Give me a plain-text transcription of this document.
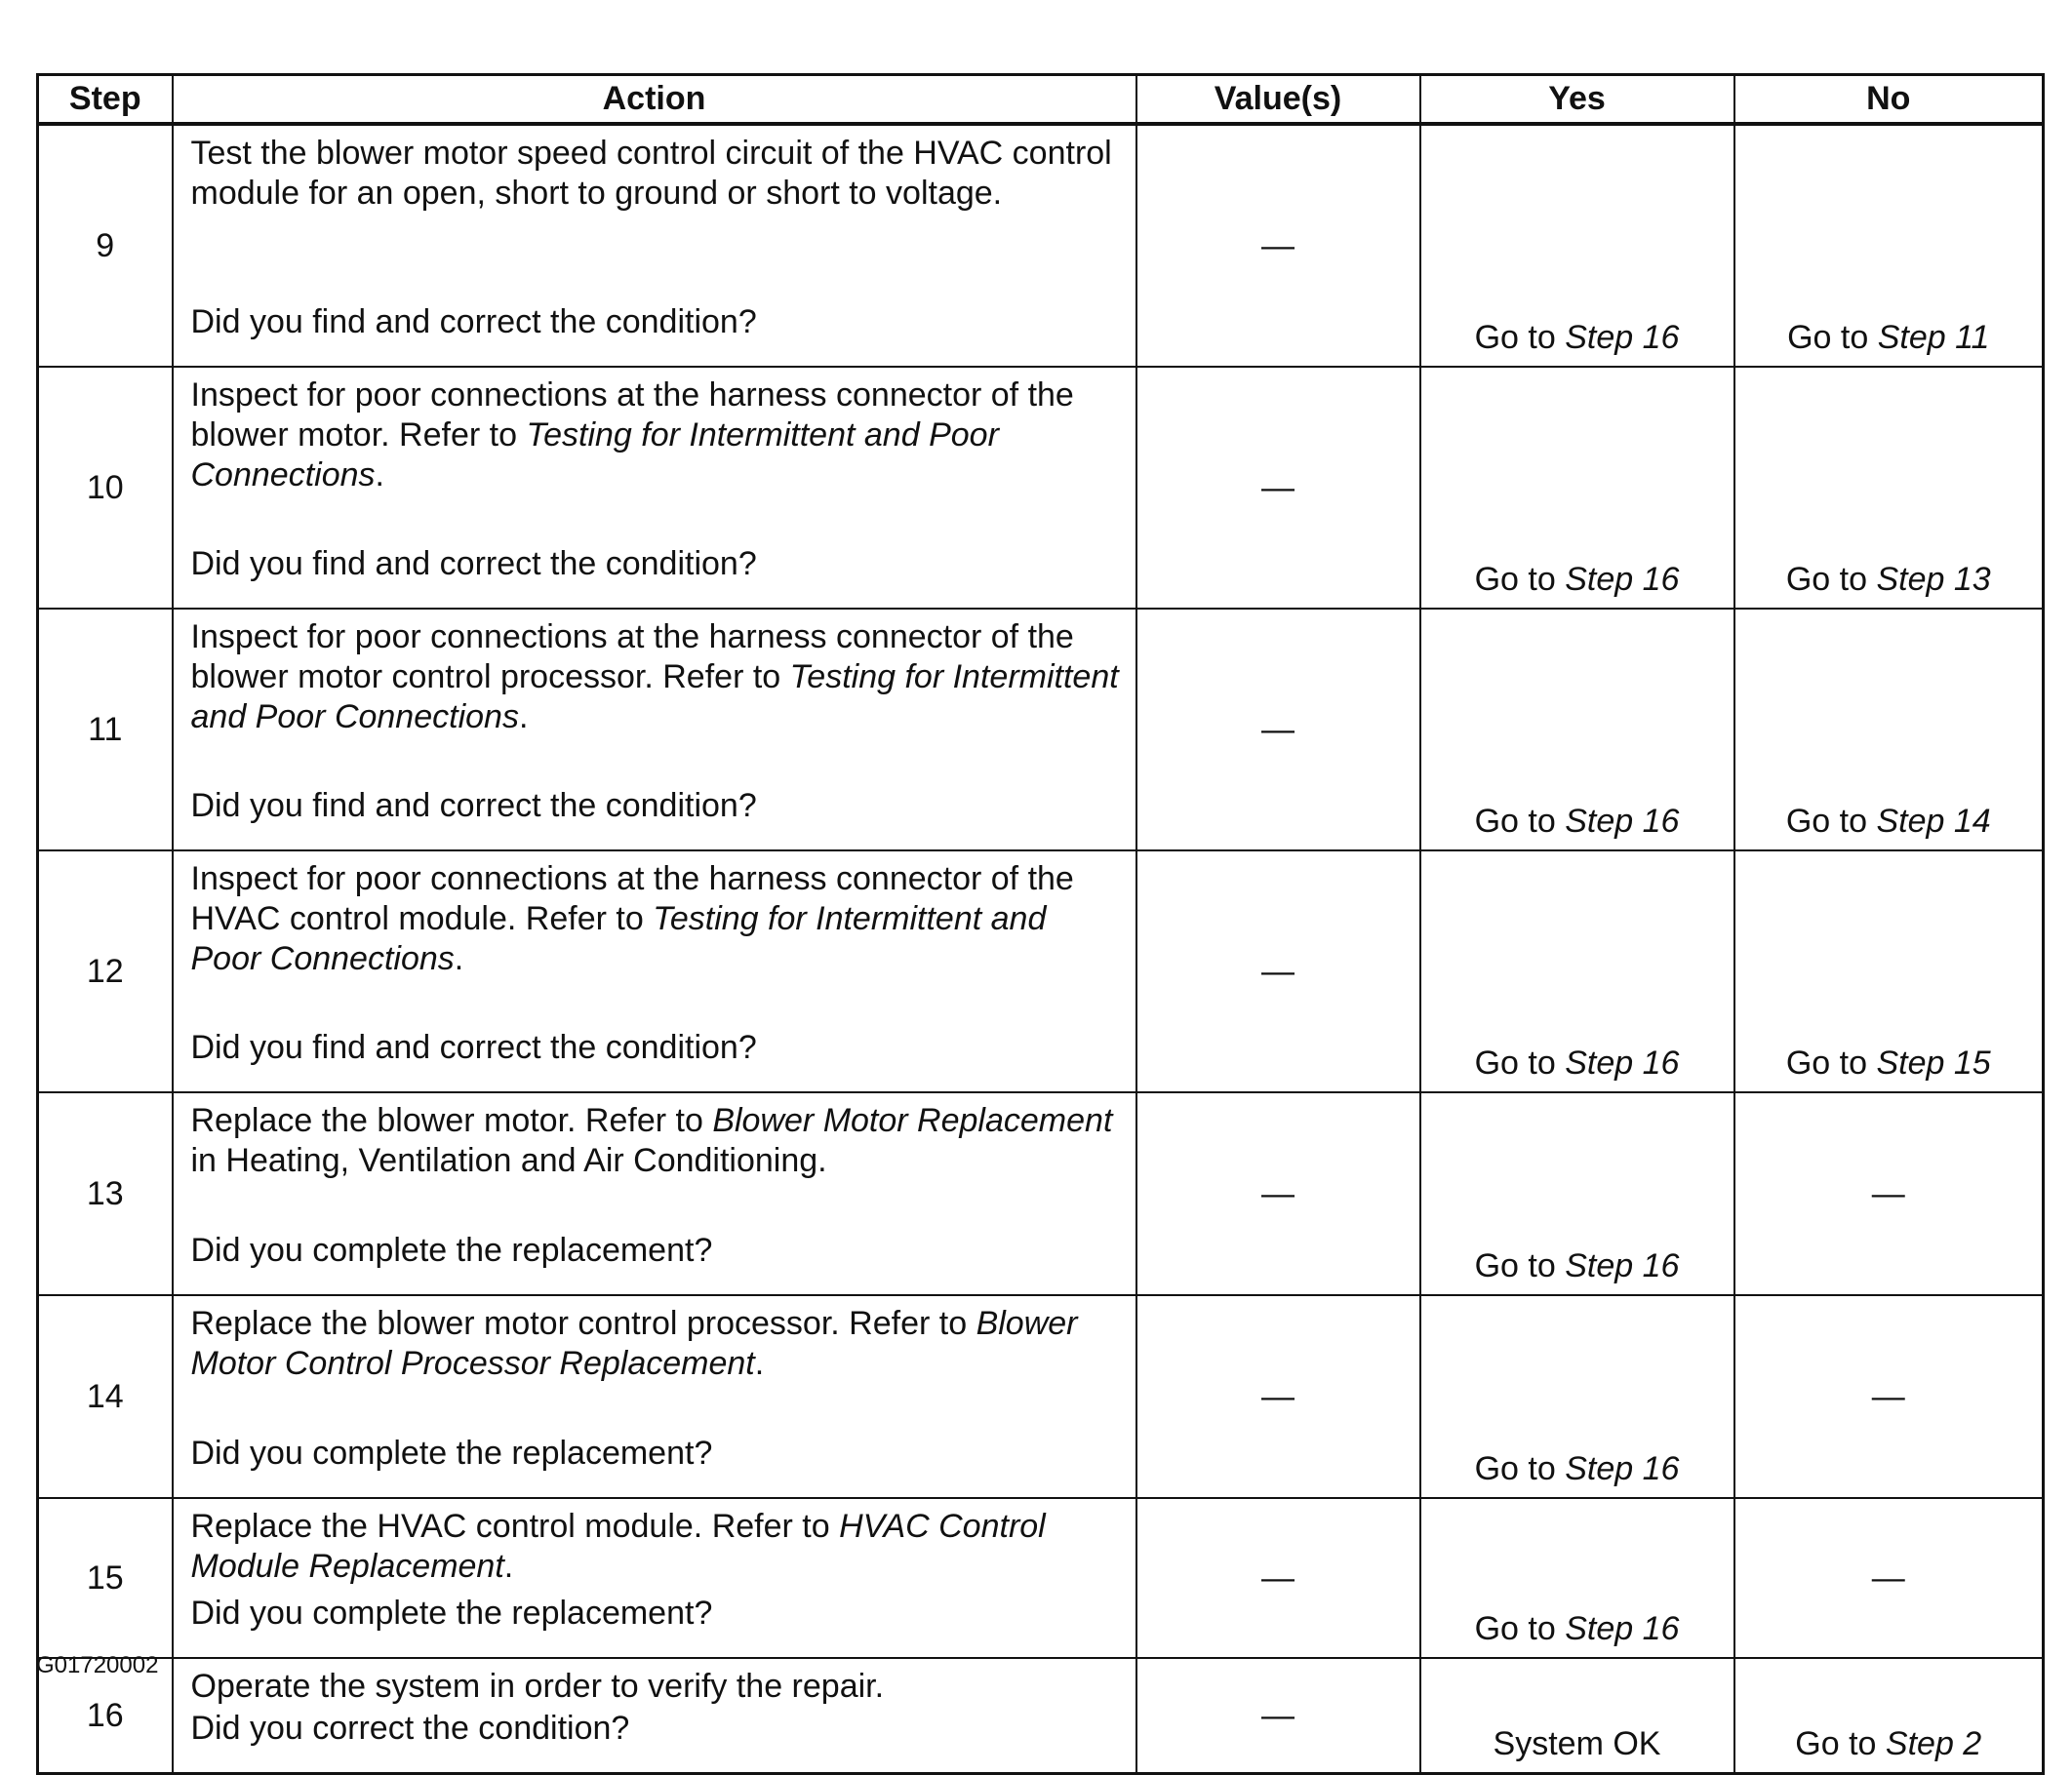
Step	Action	Value(s)	Yes	No
9	Test the blower motor speed control circuit of the HVAC control module for an open, short to ground or short to voltage.
Did you find and correct the condition?	—	Go to Step 16	Go to Step 11
10	Inspect for poor connections at the harness connector of the blower motor. Refer to Testing for Intermittent and Poor Connections.
Did you find and correct the condition?	—	Go to Step 16	Go to Step 13
11	Inspect for poor connections at the harness connector of the blower motor control processor. Refer to Testing for Intermittent and Poor Connections.
Did you find and correct the condition?	—	Go to Step 16	Go to Step 14
12	Inspect for poor connections at the harness connector of the HVAC control module. Refer to Testing for Intermittent and Poor Connections.
Did you find and correct the condition?	—	Go to Step 16	Go to Step 15
13	Replace the blower motor. Refer to Blower Motor Replacement in Heating, Ventilation and Air Conditioning.
Did you complete the replacement?	—	Go to Step 16	—
14	Replace the blower motor control processor. Refer to Blower Motor Control Processor Replacement.
Did you complete the replacement?	—	Go to Step 16	—
15	Replace the HVAC control module. Refer to HVAC Control Module Replacement.
Did you complete the replacement?	—	Go to Step 16	—
16	Operate the system in order to verify the repair.
Did you correct the condition?	—	System OK	Go to Step 2
G01720002
